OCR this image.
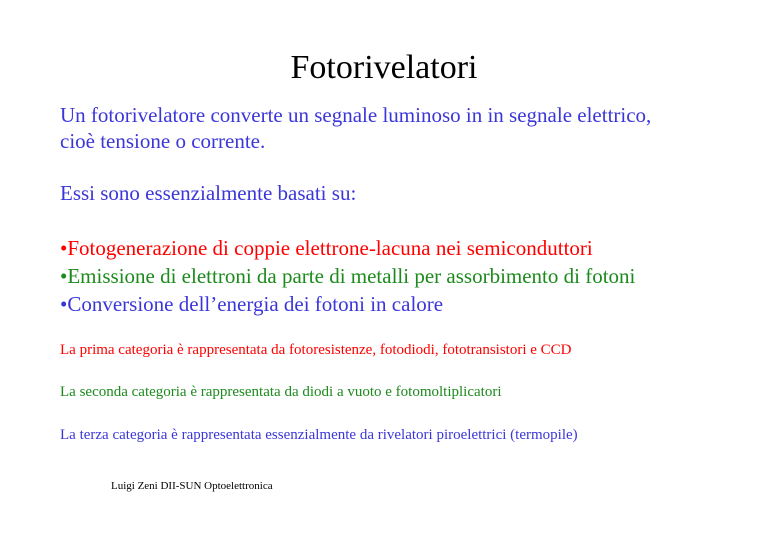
Fotorivelatori
Un fotorivelatore converte un segnale luminoso in in segnale elettrico,
cioè tensione o corrente.
Essi sono essenzialmente basati su:
•Fotogenerazione di coppie elettrone-lacuna nei semiconduttori
•Emissione di elettroni da parte di metalli per assorbimento di fotoni
•Conversione dell’energia dei fotoni in calore
La prima categoria è rappresentata da fotoresistenze, fotodiodi, fototransistori e CCD
La seconda categoria è rappresentata da diodi a vuoto e fotomoltiplicatori
La terza categoria è rappresentata essenzialmente da rivelatori piroelettrici (termopile)
Luigi Zeni DII-SUN Optoelettronica
